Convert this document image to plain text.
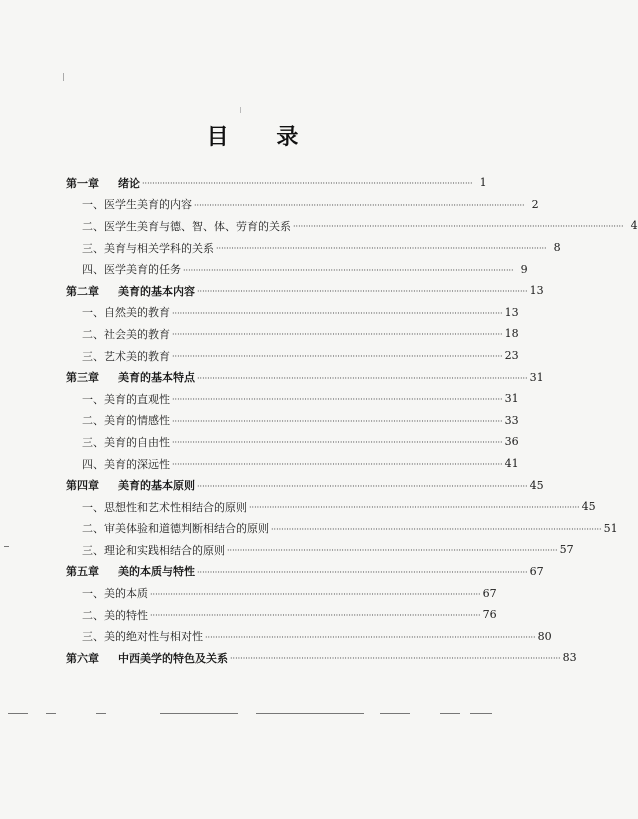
目 录
第一章	绪论 ·································································································································· 1
一、 医学生美育的内容 ·································································································································· 2
二、 医学生美育与德、智、体、劳育的关系 ·································································································································· 4
三、 美育与相关学科的关系 ·································································································································· 8
四、 医学美育的任务 ·································································································································· 9
第二章	美育的基本内容 ·································································································································· 13
一、 自然美的教育 ·································································································································· 13
二、 社会美的教育 ·································································································································· 18
三、 艺术美的教育 ·································································································································· 23
第三章	美育的基本特点 ·································································································································· 31
一、 美育的直观性 ·································································································································· 31
二、 美育的情感性 ·································································································································· 33
三、 美育的自由性 ·································································································································· 36
四、 美育的深远性 ·································································································································· 41
第四章	美育的基本原则 ·································································································································· 45
一、 思想性和艺术性相结合的原则 ·································································································································· 45
二、 审美体验和道德判断相结合的原则 ·································································································································· 51
三、 理论和实践相结合的原则 ·································································································································· 57
第五章	美的本质与特性 ·································································································································· 67
一、 美的本质 ·································································································································· 67
二、 美的特性 ·································································································································· 76
三、 美的绝对性与相对性 ·································································································································· 80
第六章	中西美学的特色及关系 ·································································································································· 83
